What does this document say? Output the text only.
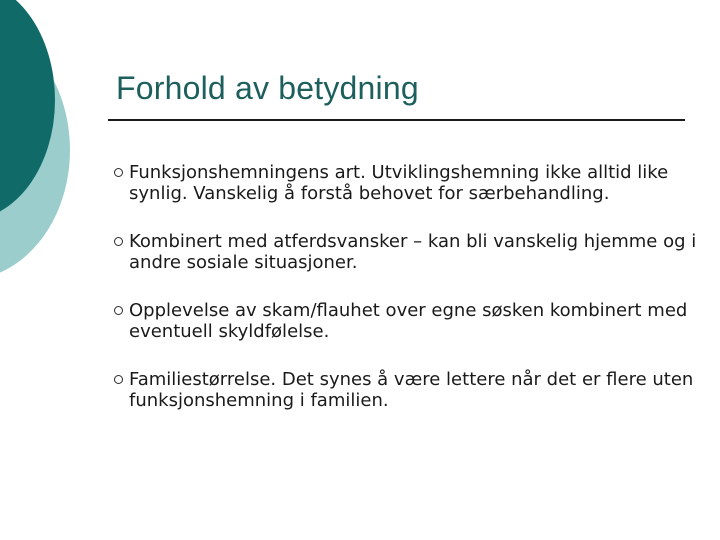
Forhold av betydning
Funksjonshemningens art. Utviklingshemning ikke alltid like synlig. Vanskelig å forstå behovet for særbehandling.
Kombinert med atferdsvansker – kan bli vanskelig hjemme og i andre sosiale situasjoner.
Opplevelse av skam/flauhet over egne søsken kombinert med eventuell skyldfølelse.
Familiestørrelse. Det synes å være lettere når det er flere uten funksjonshemning i familien.
